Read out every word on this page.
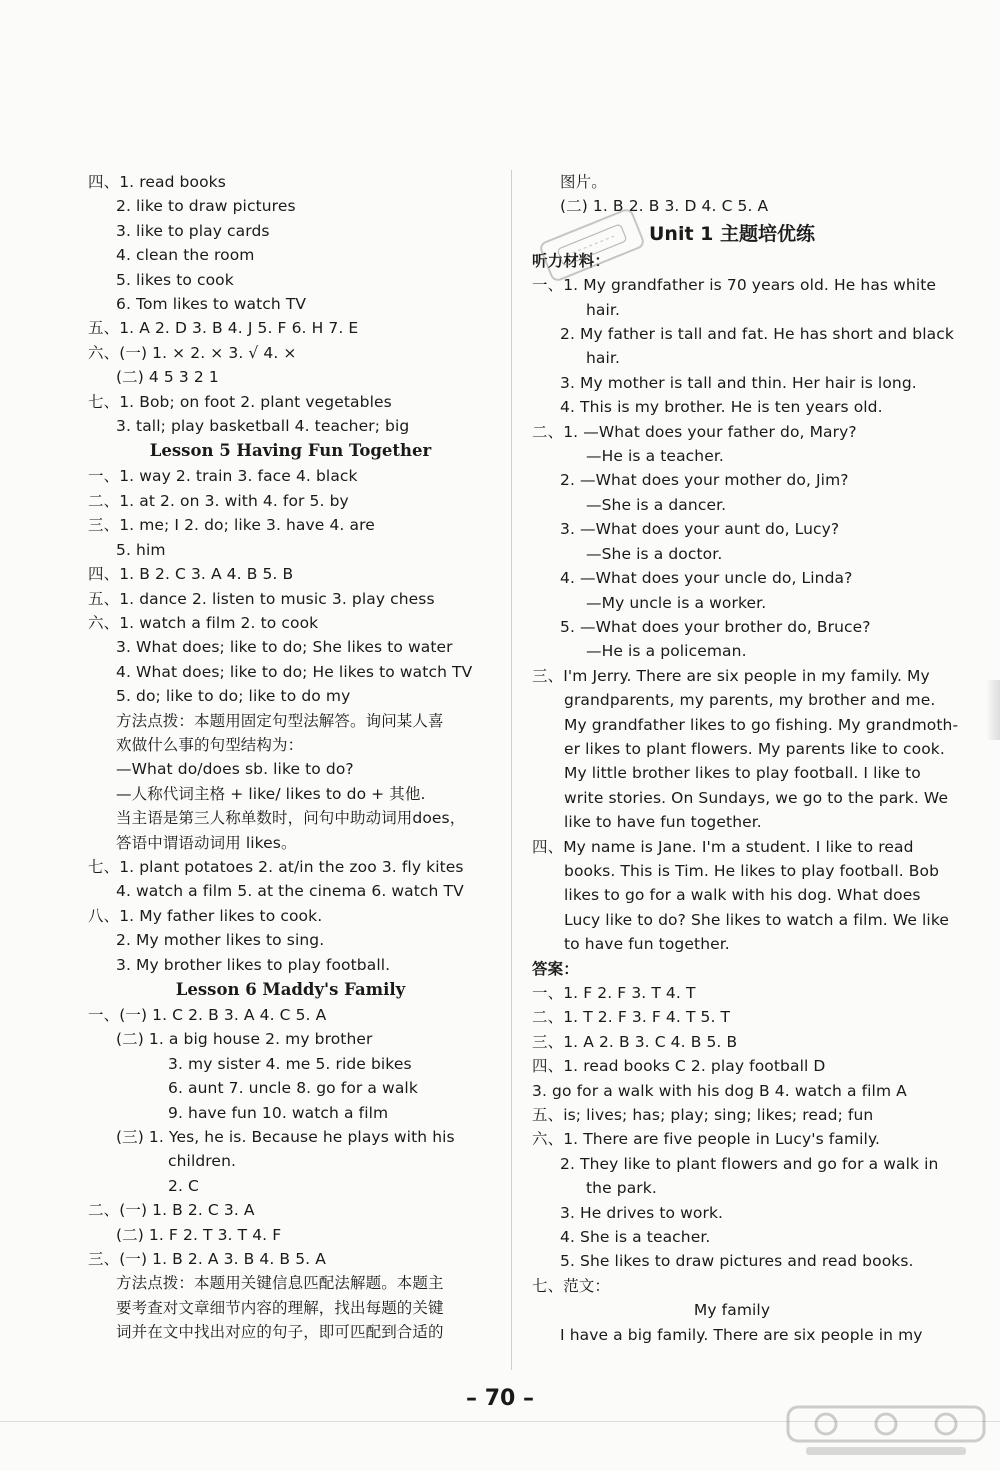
四、1. read books
2. like to draw pictures
3. like to play cards
4. clean the room
5. likes to cook
6. Tom likes to watch TV
五、1. A 2. D 3. B 4. J 5. F 6. H 7. E
六、(一) 1. × 2. × 3. √ 4. ×
(二) 4 5 3 2 1
七、1. Bob; on foot 2. plant vegetables
3. tall; play basketball 4. teacher; big
Lesson 5 Having Fun Together
一、1. way 2. train 3. face 4. black
二、1. at 2. on 3. with 4. for 5. by
三、1. me; I 2. do; like 3. have 4. are
5. him
四、1. B 2. C 3. A 4. B 5. B
五、1. dance 2. listen to music 3. play chess
六、1. watch a film 2. to cook
3. What does; like to do; She likes to water
4. What does; like to do; He likes to watch TV
5. do; like to do; like to do my
方法点拨：本题用固定句型法解答。询问某人喜
欢做什么事的句型结构为：
—What do/does sb. like to do?
—人称代词主格 + like/ likes to do + 其他.
当主语是第三人称单数时，问句中助动词用does，
答语中谓语动词用 likes。
七、1. plant potatoes 2. at/in the zoo 3. fly kites
4. watch a film 5. at the cinema 6. watch TV
八、1. My father likes to cook.
2. My mother likes to sing.
3. My brother likes to play football.
Lesson 6 Maddy's Family
一、(一) 1. C 2. B 3. A 4. C 5. A
(二) 1. a big house 2. my brother
3. my sister 4. me 5. ride bikes
6. aunt 7. uncle 8. go for a walk
9. have fun 10. watch a film
(三) 1. Yes, he is. Because he plays with his
children.
2. C
二、(一) 1. B 2. C 3. A
(二) 1. F 2. T 3. T 4. F
三、(一) 1. B 2. A 3. B 4. B 5. A
方法点拨：本题用关键信息匹配法解题。本题主
要考查对文章细节内容的理解，找出每题的关键
词并在文中找出对应的句子，即可匹配到合适的
图片。
(二) 1. B 2. B 3. D 4. C 5. A
Unit 1 主题培优练
听力材料：
一、1. My grandfather is 70 years old. He has white
hair.
2. My father is tall and fat. He has short and black
hair.
3. My mother is tall and thin. Her hair is long.
4. This is my brother. He is ten years old.
二、1. —What does your father do, Mary?
—He is a teacher.
2. —What does your mother do, Jim?
—She is a dancer.
3. —What does your aunt do, Lucy?
—She is a doctor.
4. —What does your uncle do, Linda?
—My uncle is a worker.
5. —What does your brother do, Bruce?
—He is a policeman.
三、I'm Jerry. There are six people in my family. My
grandparents, my parents, my brother and me.
My grandfather likes to go fishing. My grandmoth-
er likes to plant flowers. My parents like to cook.
My little brother likes to play football. I like to
write stories. On Sundays, we go to the park. We
like to have fun together.
四、My name is Jane. I'm a student. I like to read
books. This is Tim. He likes to play football. Bob
likes to go for a walk with his dog. What does
Lucy like to do? She likes to watch a film. We like
to have fun together.
答案：
一、1. F 2. F 3. T 4. T
二、1. T 2. F 3. F 4. T 5. T
三、1. A 2. B 3. C 4. B 5. B
四、1. read books C 2. play football D
3. go for a walk with his dog B 4. watch a film A
五、is; lives; has; play; sing; likes; read; fun
六、1. There are five people in Lucy's family.
2. They like to plant flowers and go for a walk in
the park.
3. He drives to work.
4. She is a teacher.
5. She likes to draw pictures and read books.
七、范文：
My family
I have a big family. There are six people in my
– 70 –
